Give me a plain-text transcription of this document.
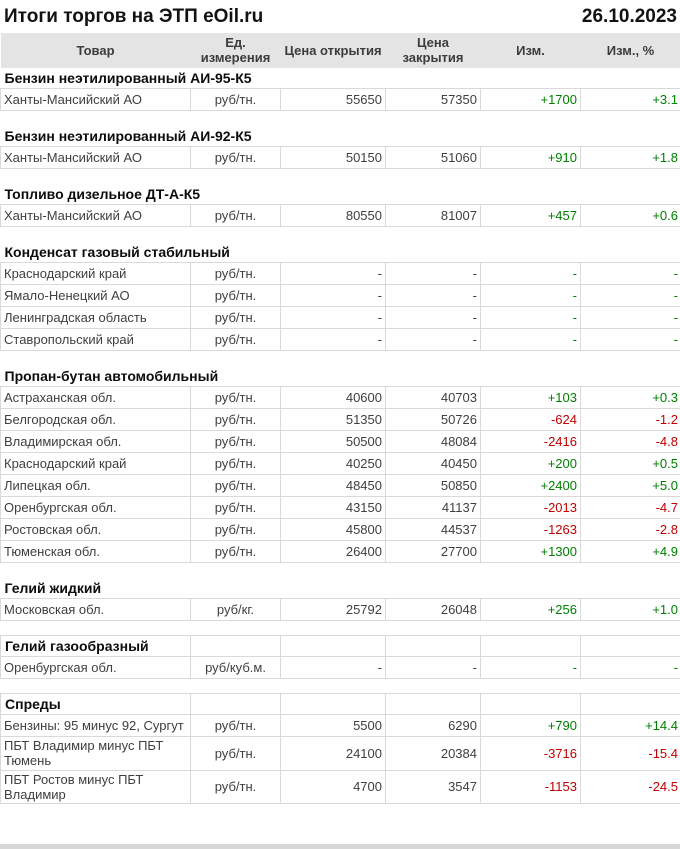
Итоги торгов на ЭТП eOil.ru	26.10.2023
Товар	Ед. измерения	Цена открытия	Цена закрытия	Изм.	Изм., %
Бензин неэтилированный АИ-95-К5					
Ханты-Мансийский АО	руб/тн.	55650	57350	+1700	+3.1

Бензин неэтилированный АИ-92-К5					
Ханты-Мансийский АО	руб/тн.	50150	51060	+910	+1.8

Топливо дизельное ДТ-А-К5					
Ханты-Мансийский АО	руб/тн.	80550	81007	+457	+0.6

Конденсат газовый стабильный					
Краснодарский край	руб/тн.	-	-	-	-
Ямало-Ненецкий АО	руб/тн.	-	-	-	-
Ленинградская область	руб/тн.	-	-	-	-
Ставропольский край	руб/тн.	-	-	-	-

Пропан-бутан автомобильный					
Астраханская обл.	руб/тн.	40600	40703	+103	+0.3
Белгородская обл.	руб/тн.	51350	50726	-624	-1.2
Владимирская обл.	руб/тн.	50500	48084	-2416	-4.8
Краснодарский край	руб/тн.	40250	40450	+200	+0.5
Липецкая обл.	руб/тн.	48450	50850	+2400	+5.0
Оренбургская обл.	руб/тн.	43150	41137	-2013	-4.7
Ростовская обл.	руб/тн.	45800	44537	-1263	-2.8
Тюменская обл.	руб/тн.	26400	27700	+1300	+4.9

Гелий жидкий					
Московская обл.	руб/кг.	25792	26048	+256	+1.0

Гелий газообразный					
Оренбургская обл.	руб/куб.м.	-	-	-	-

Спреды					
Бензины: 95 минус 92, Сургут	руб/тн.	5500	6290	+790	+14.4
ПБТ Владимир минус ПБТ Тюмень	руб/тн.	24100	20384	-3716	-15.4
ПБТ Ростов минус ПБТ Владимир	руб/тн.	4700	3547	-1153	-24.5
